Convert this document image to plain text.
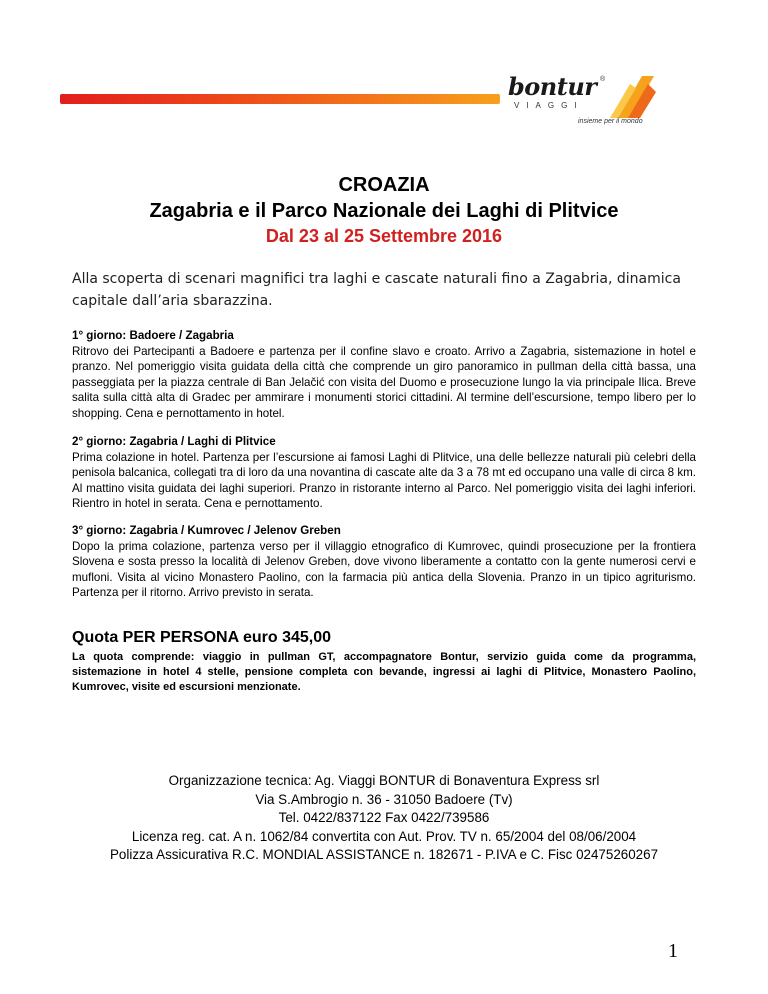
bontur ®
VIAGGI
insieme per il mondo
CROAZIA
Zagabria e il Parco Nazionale dei Laghi di Plitvice
Dal 23 al 25 Settembre 2016
Alla scoperta di scenari magnifici tra laghi e cascate naturali fino a Zagabria, dinamica capitale dall’aria sbarazzina.
1° giorno: Badoere / Zagabria
Ritrovo dei Partecipanti a Badoere e partenza per il confine slavo e croato. Arrivo a Zagabria, sistemazione in hotel e pranzo. Nel pomeriggio visita guidata della città che comprende un giro panoramico in pullman della città bassa, una passeggiata per la piazza centrale di Ban Jelačić con visita del Duomo e prosecuzione lungo la via principale Ilica. Breve salita sulla città alta di Gradec per ammirare i monumenti storici cittadini. Al termine dell’escursione, tempo libero per lo shopping. Cena e pernottamento in hotel.
2° giorno: Zagabria / Laghi di Plitvice
Prima colazione in hotel. Partenza per l’escursione ai famosi Laghi di Plitvice, una delle bellezze naturali più celebri della penisola balcanica, collegati tra di loro da una novantina di cascate alte da 3 a 78 mt ed occupano una valle di circa 8 km. Al mattino visita guidata dei laghi superiori. Pranzo in ristorante interno al Parco. Nel pomeriggio visita dei laghi inferiori. Rientro in hotel in serata. Cena e pernottamento.
3° giorno: Zagabria / Kumrovec / Jelenov Greben
Dopo la prima colazione, partenza verso per il villaggio etnografico di Kumrovec, quindi prosecuzione per la frontiera Slovena e sosta presso la località di Jelenov Greben, dove vivono liberamente a contatto con la gente numerosi cervi e mufloni. Visita al vicino Monastero Paolino, con la farmacia più antica della Slovenia. Pranzo in un tipico agriturismo. Partenza per il ritorno. Arrivo previsto in serata.
Quota PER PERSONA euro 345,00
La quota comprende: viaggio in pullman GT, accompagnatore Bontur, servizio guida come da programma, sistemazione in hotel 4 stelle, pensione completa con bevande, ingressi ai laghi di Plitvice, Monastero Paolino, Kumrovec, visite ed escursioni menzionate.
Organizzazione tecnica: Ag. Viaggi BONTUR di Bonaventura Express srl
Via S.Ambrogio n. 36 - 31050 Badoere (Tv)
Tel. 0422/837122 Fax 0422/739586
Licenza reg. cat. A n. 1062/84 convertita con Aut. Prov. TV n. 65/2004 del 08/06/2004
Polizza Assicurativa R.C. MONDIAL ASSISTANCE n. 182671 - P.IVA e C. Fisc 02475260267
1
